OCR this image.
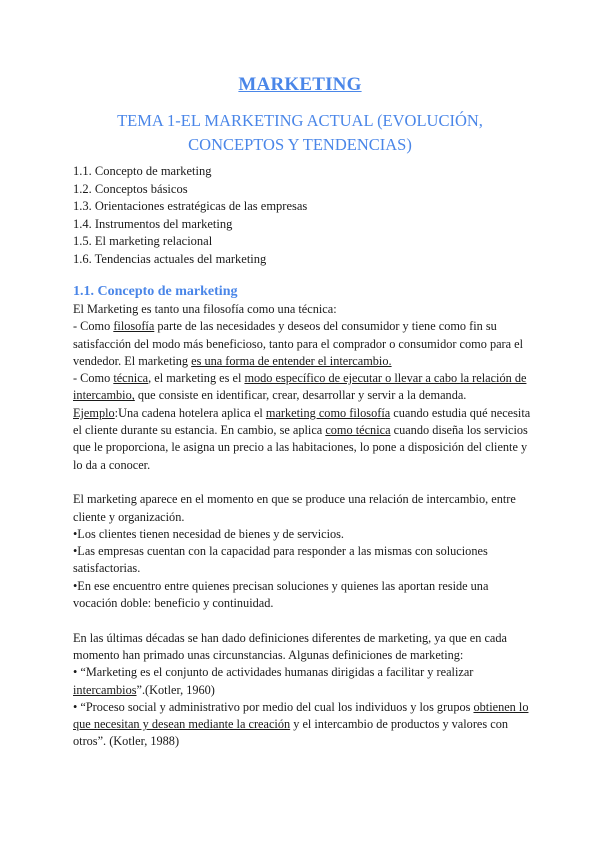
MARKETING
TEMA 1-EL MARKETING ACTUAL (EVOLUCIÓN, CONCEPTOS Y TENDENCIAS)
1.1. Concepto de marketing
1.2. Conceptos básicos
1.3. Orientaciones estratégicas de las empresas
1.4. Instrumentos del marketing
1.5. El marketing relacional
1.6. Tendencias actuales del marketing
1.1. Concepto de marketing

El Marketing es tanto una filosofía como una técnica:

- Como filosofía parte de las necesidades y deseos del consumidor y tiene como fin su satisfacción del modo más beneficioso, tanto para el comprador o consumidor como para el vendedor. El marketing es una forma de entender el intercambio.

- Como técnica, el marketing es el modo específico de ejecutar o llevar a cabo la relación de intercambio, que consiste en identificar, crear, desarrollar y servir a la demanda.

Ejemplo:Una cadena hotelera aplica el marketing como filosofía cuando estudia qué necesita el cliente durante su estancia. En cambio, se aplica como técnica cuando diseña los servicios que le proporciona, le asigna un precio a las habitaciones, lo pone a disposición del cliente y lo da a conocer.

El marketing aparece en el momento en que se produce una relación de intercambio, entre cliente y organización.

•Los clientes tienen necesidad de bienes y de servicios.

•Las empresas cuentan con la capacidad para responder a las mismas con soluciones satisfactorias.

•En ese encuentro entre quienes precisan soluciones y quienes las aportan reside una vocación doble: beneficio y continuidad.

En las últimas décadas se han dado definiciones diferentes de marketing, ya que en cada momento han primado unas circunstancias. Algunas definiciones de marketing:

• “Marketing es el conjunto de actividades humanas dirigidas a facilitar y realizar intercambios”.(Kotler, 1960)

• “Proceso social y administrativo por medio del cual los individuos y los grupos obtienen lo que necesitan y desean mediante la creación y el intercambio de productos y valores con otros”. (Kotler, 1988)
